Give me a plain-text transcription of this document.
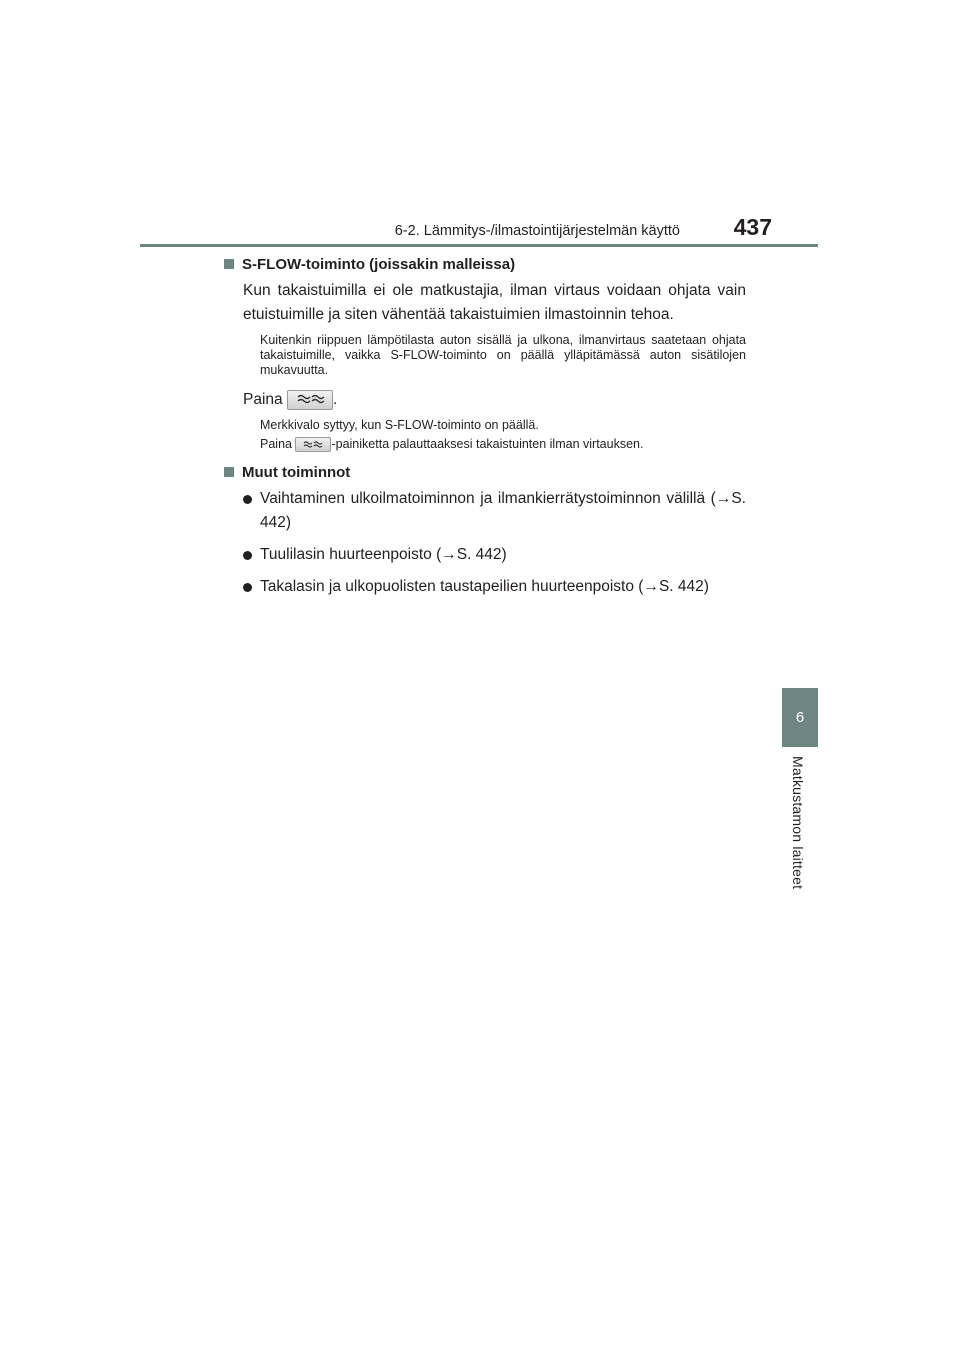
6-2. Lämmitys-/ilmastointijärjestelmän käyttö 437
6
Matkustamon laitteet
S-FLOW-toiminto (joissakin malleissa)
Kun takaistuimilla ei ole matkustajia, ilman virtaus voidaan ohjata vain etuistuimille ja siten vähentää takaistuimien ilmastoinnin tehoa.
Kuitenkin riippuen lämpötilasta auton sisällä ja ulkona, ilmanvirtaus saatetaan ohjata takaistuimille, vaikka S-FLOW-toiminto on päällä ylläpitämässä auton sisätilojen mukavuutta.
Paina	.
Merkkivalo syttyy, kun S-FLOW-toiminto on päällä.
Paina	-painiketta palauttaaksesi takaistuinten ilman virtauksen.
Muut toiminnot
Vaihtaminen ulkoilmatoiminnon ja ilmankierrätystoiminnon välillä (→S. 442)
Tuulilasin huurteenpoisto (→S. 442)
Takalasin ja ulkopuolisten taustapeilien huurteenpoisto (→S. 442)
